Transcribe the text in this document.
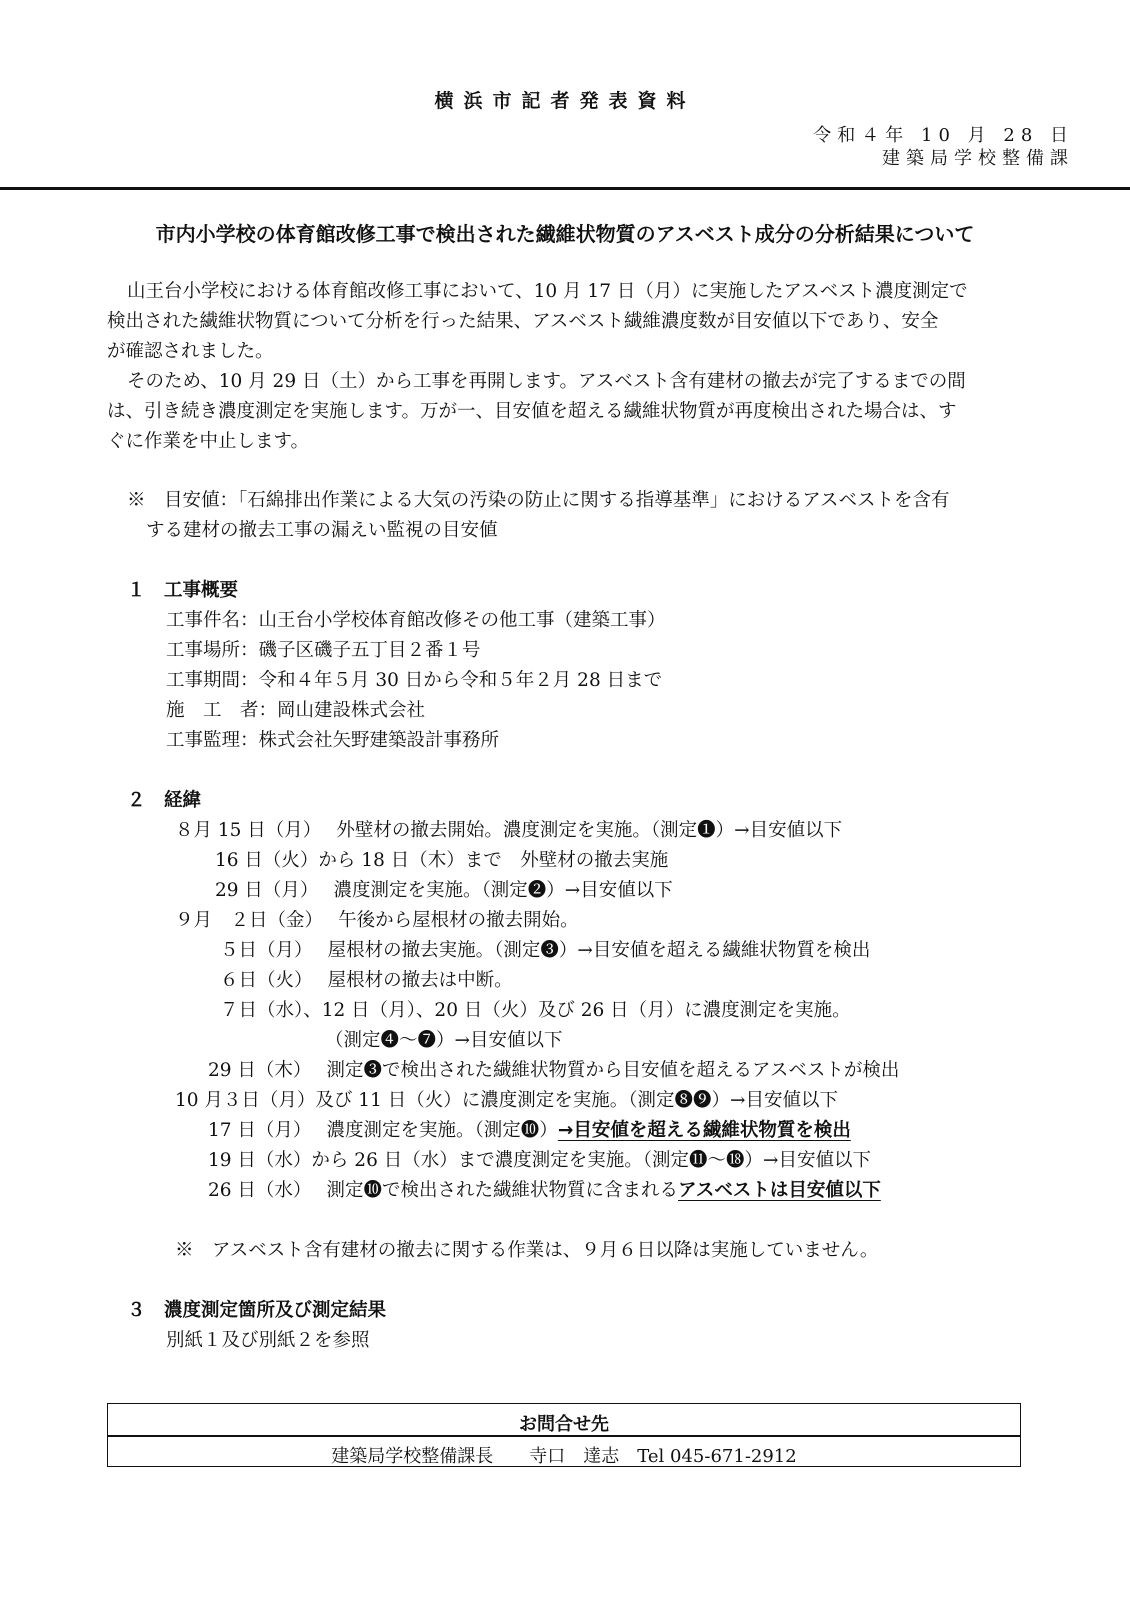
横浜市記者発表資料
令和４年 10 月 28 日
建築局学校整備課
市内小学校の体育館改修工事で検出された繊維状物質のアスベスト成分の分析結果について
山王台小学校における体育館改修工事において、10 月 17 日（月）に実施したアスベスト濃度測定で
検出された繊維状物質について分析を行った結果、アスベスト繊維濃度数が目安値以下であり、安全
が確認されました。
そのため、10 月 29 日（土）から工事を再開します。アスベスト含有建材の撤去が完了するまでの間
は、引き続き濃度測定を実施します。万が一、目安値を超える繊維状物質が再度検出された場合は、す
ぐに作業を中止します。
※　目安値：「石綿排出作業による大気の汚染の防止に関する指導基準」におけるアスベストを含有
する建材の撤去工事の漏えい監視の目安値
１　工事概要
工事件名：山王台小学校体育館改修その他工事（建築工事）
工事場所：磯子区磯子五丁目２番１号
工事期間：令和４年５月 30 日から令和５年２月 28 日まで
施　工　者：岡山建設株式会社
工事監理：株式会社矢野建築設計事務所
２　経緯
８月 15 日（月）　 外壁材の撤去開始。濃度測定を実施。（測定❶）→目安値以下
16 日（火）から 18 日（木）まで　外壁材の撤去実施
29 日（月）　 濃度測定を実施。（測定❷）→目安値以下
９月　２日（金）　 午後から屋根材の撤去開始。
５日（月）　 屋根材の撤去実施。（測定❸）→目安値を超える繊維状物質を検出
６日（火）　 屋根材の撤去は中断。
７日（水）、12 日（月）、20 日（火）及び 26 日（月）に濃度測定を実施。
（測定❹～❼）→目安値以下
29 日（木）　 測定❸で検出された繊維状物質から目安値を超えるアスベストが検出
10 月３日（月）及び 11 日（火）に濃度測定を実施。（測定❽❾）→目安値以下
17 日（月）　 濃度測定を実施。（測定❿）→目安値を超える繊維状物質を検出
19 日（水）から 26 日（水）まで濃度測定を実施。（測定⓫～⓲）→目安値以下
26 日（水）　 測定❿で検出された繊維状物質に含まれるアスベストは目安値以下
※　アスベスト含有建材の撤去に関する作業は、９月６日以降は実施していません。
３　濃度測定箇所及び測定結果
別紙１及び別紙２を参照
お問合せ先
建築局学校整備課長　　寺口　達志　Tel 045-671-2912
